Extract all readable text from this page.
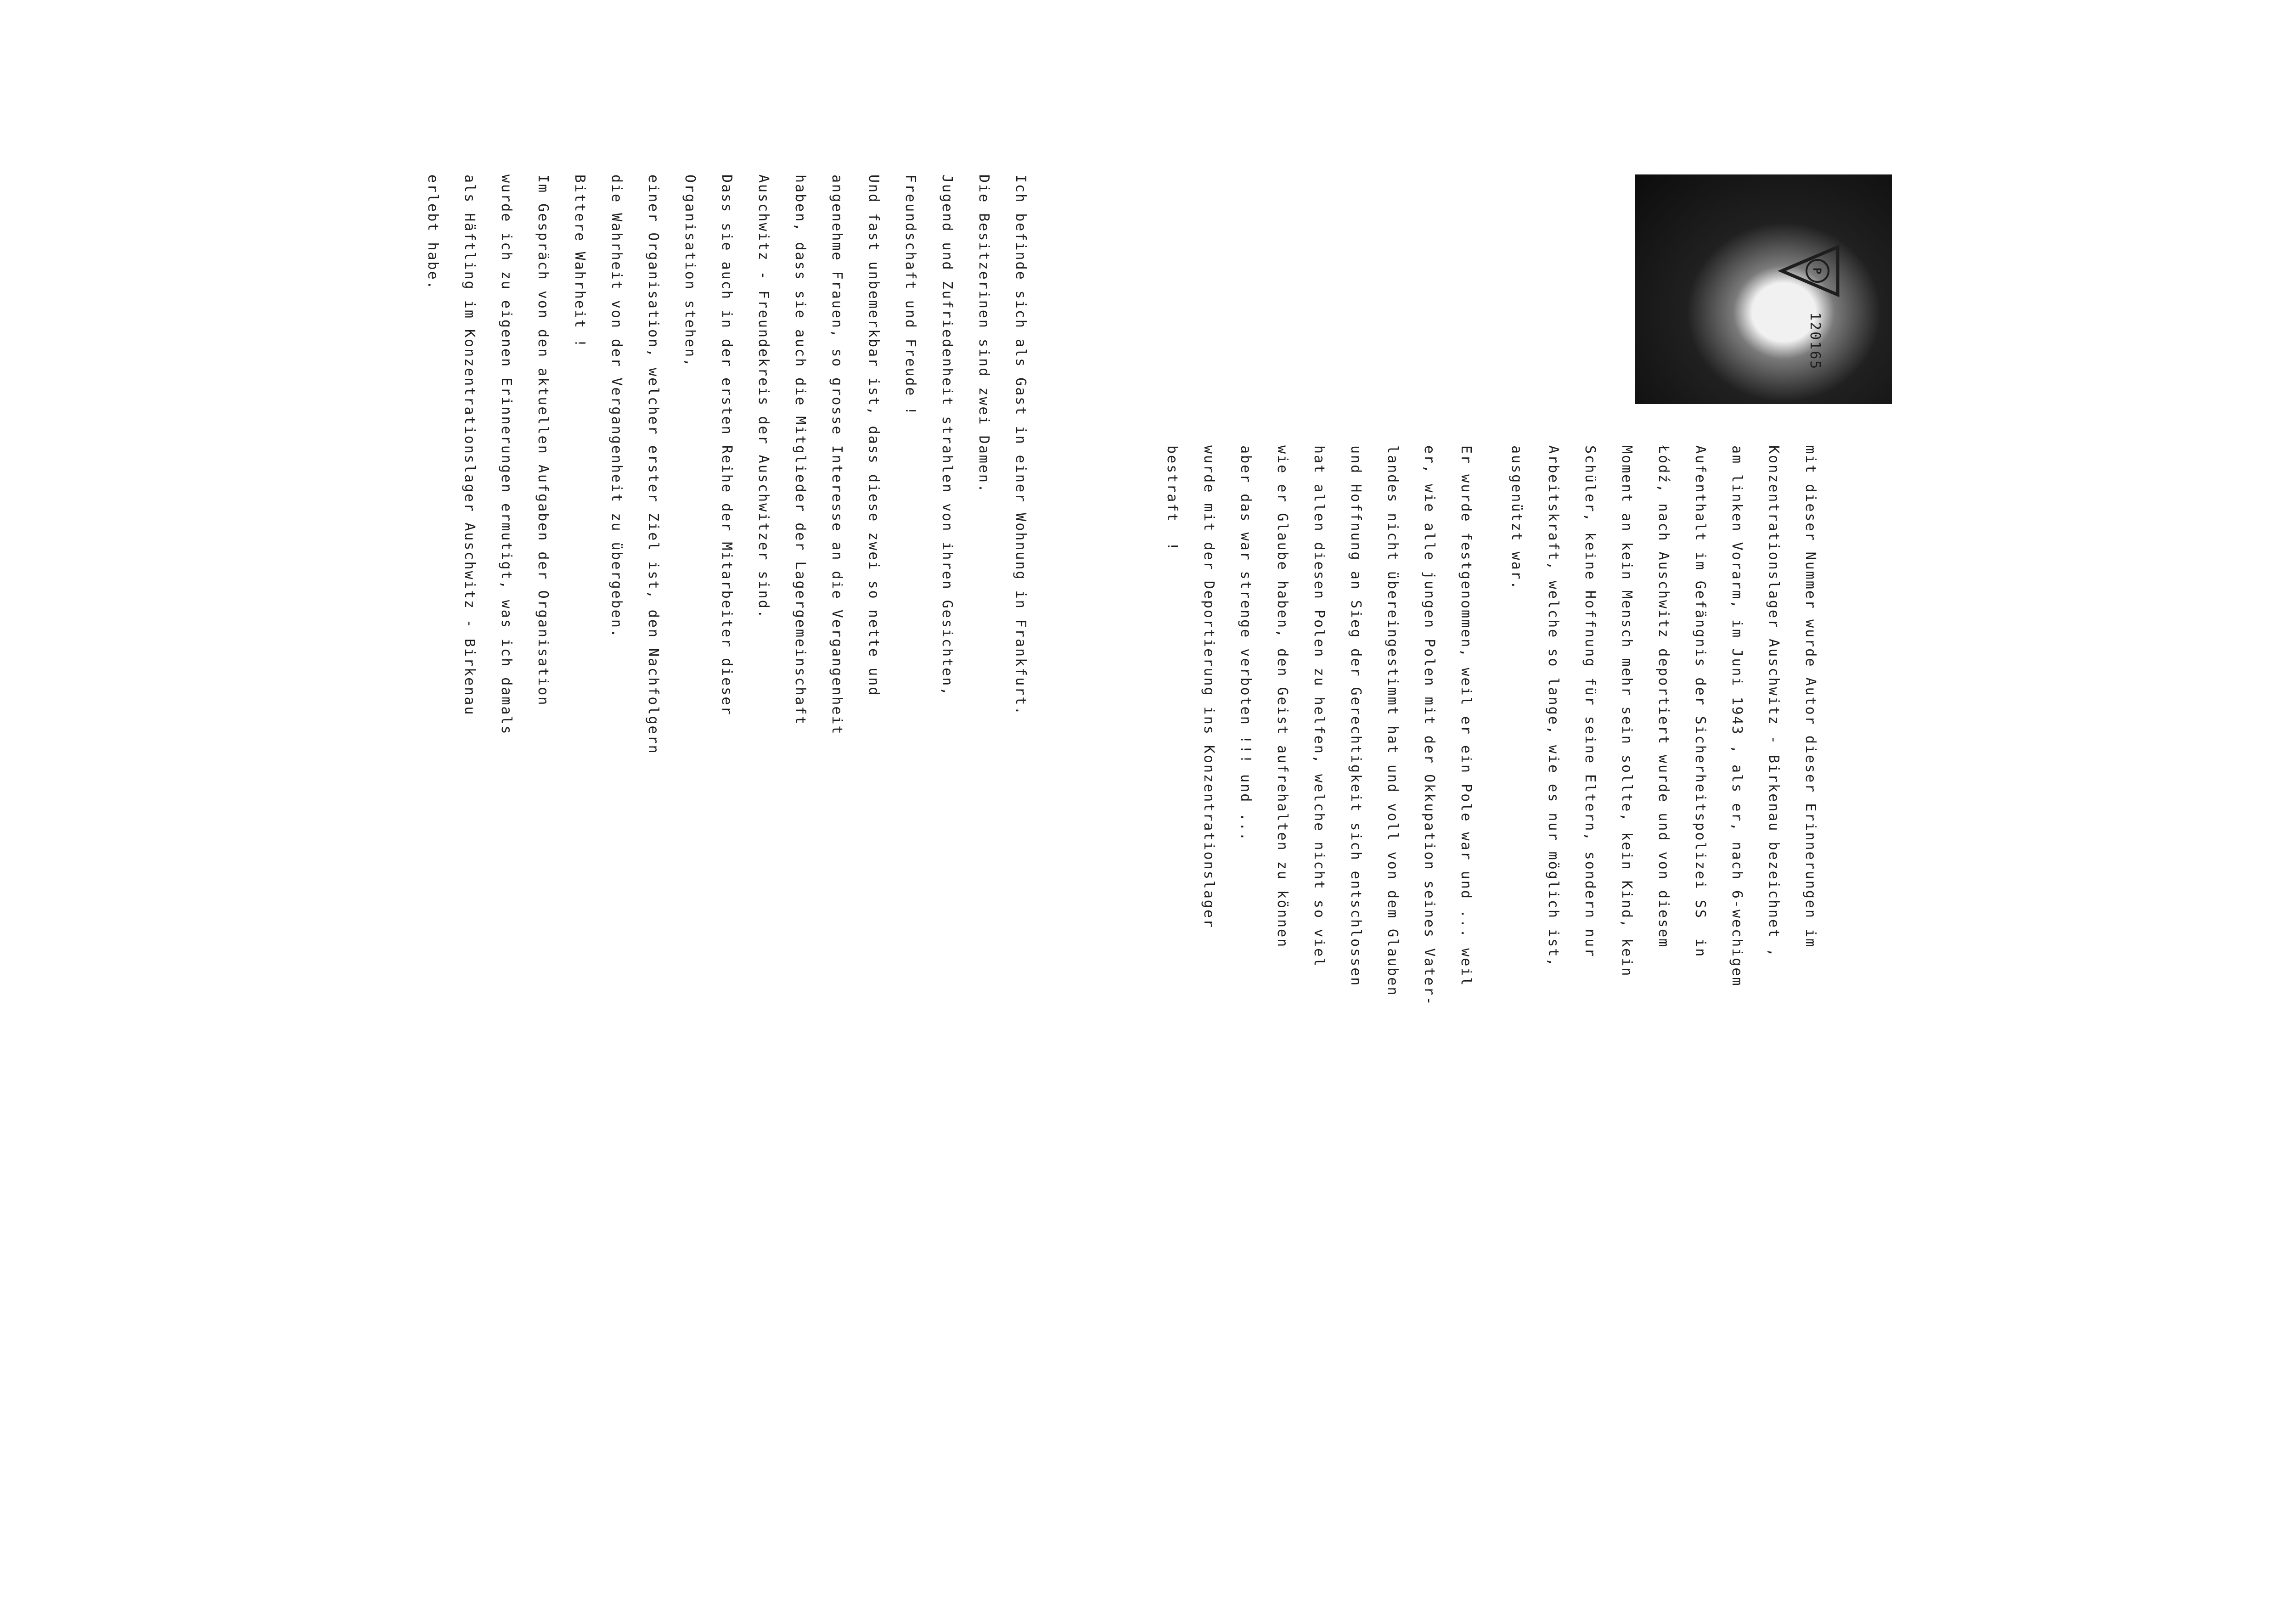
P
120165
mit dieser Nummer wurde Autor dieser Erinnerungen im
Konzentrationslager Auschwitz - Birkenau bezeichnet ,
am linken Vorarm, im Juni 1943 , als er, nach 6-wechigem
Aufenthalt im Gefängnis der Sicherheitspolizei SS  in
Łódź, nach Auschwitz deportiert wurde und von diesem
Moment an kein Mensch mehr sein sollte, kein Kind, kein
Schüler, keine Hoffnung für seine Eltern, sondern nur
Arbeitskraft, welche so lange, wie es nur möglich ist,
ausgenützt war.
Er wurde festgenommen, weil er ein Pole war und ... weil
er, wie alle jungen Polen mit der Okkupation seines Vater-
landes nicht übereingestimmt hat und voll von dem Glauben
und Hoffnung an Sieg der Gerechtigkeit sich entschlossen
hat allen diesen Polen zu helfen, welche nicht so viel
wie er Glaube haben, den Geist aufrehalten zu können
aber das war strenge verboten !!! und ...
wurde mit der Deportierung ins Konzentrationslager
bestraft  !
Ich befinde sich als Gast in einer Wohnung in Frankfurt.
Die Besitzerinen sind zwei Damen.
Jugend und Zufriedenheit strahlen von ihren Gesichten,
Freundschaft und Freude !
Und fast unbemerkbar ist, dass diese zwei so nette und
angenehme Frauen, so grosse Interesse an die Vergangenheit
haben, dass sie auch die Mitglieder der Lagergemeinschaft
Auschwitz - Freundekreis der Auschwitzer sind.
Dass sie auch in der ersten Reihe der Mitarbeiter dieser
Organisation stehen,
einer Organisation, welcher erster Ziel ist, den Nachfolgern
die Wahrheit von der Vergangenheit zu übergeben.
Bittere Wahrheit !
Im Gespräch von den aktuellen Aufgaben der Organisation
wurde ich zu eigenen Erinnerungen ermutigt, was ich damals
als Häftling im Konzentrationslager Auschwitz - Birkenau
erlebt habe.
